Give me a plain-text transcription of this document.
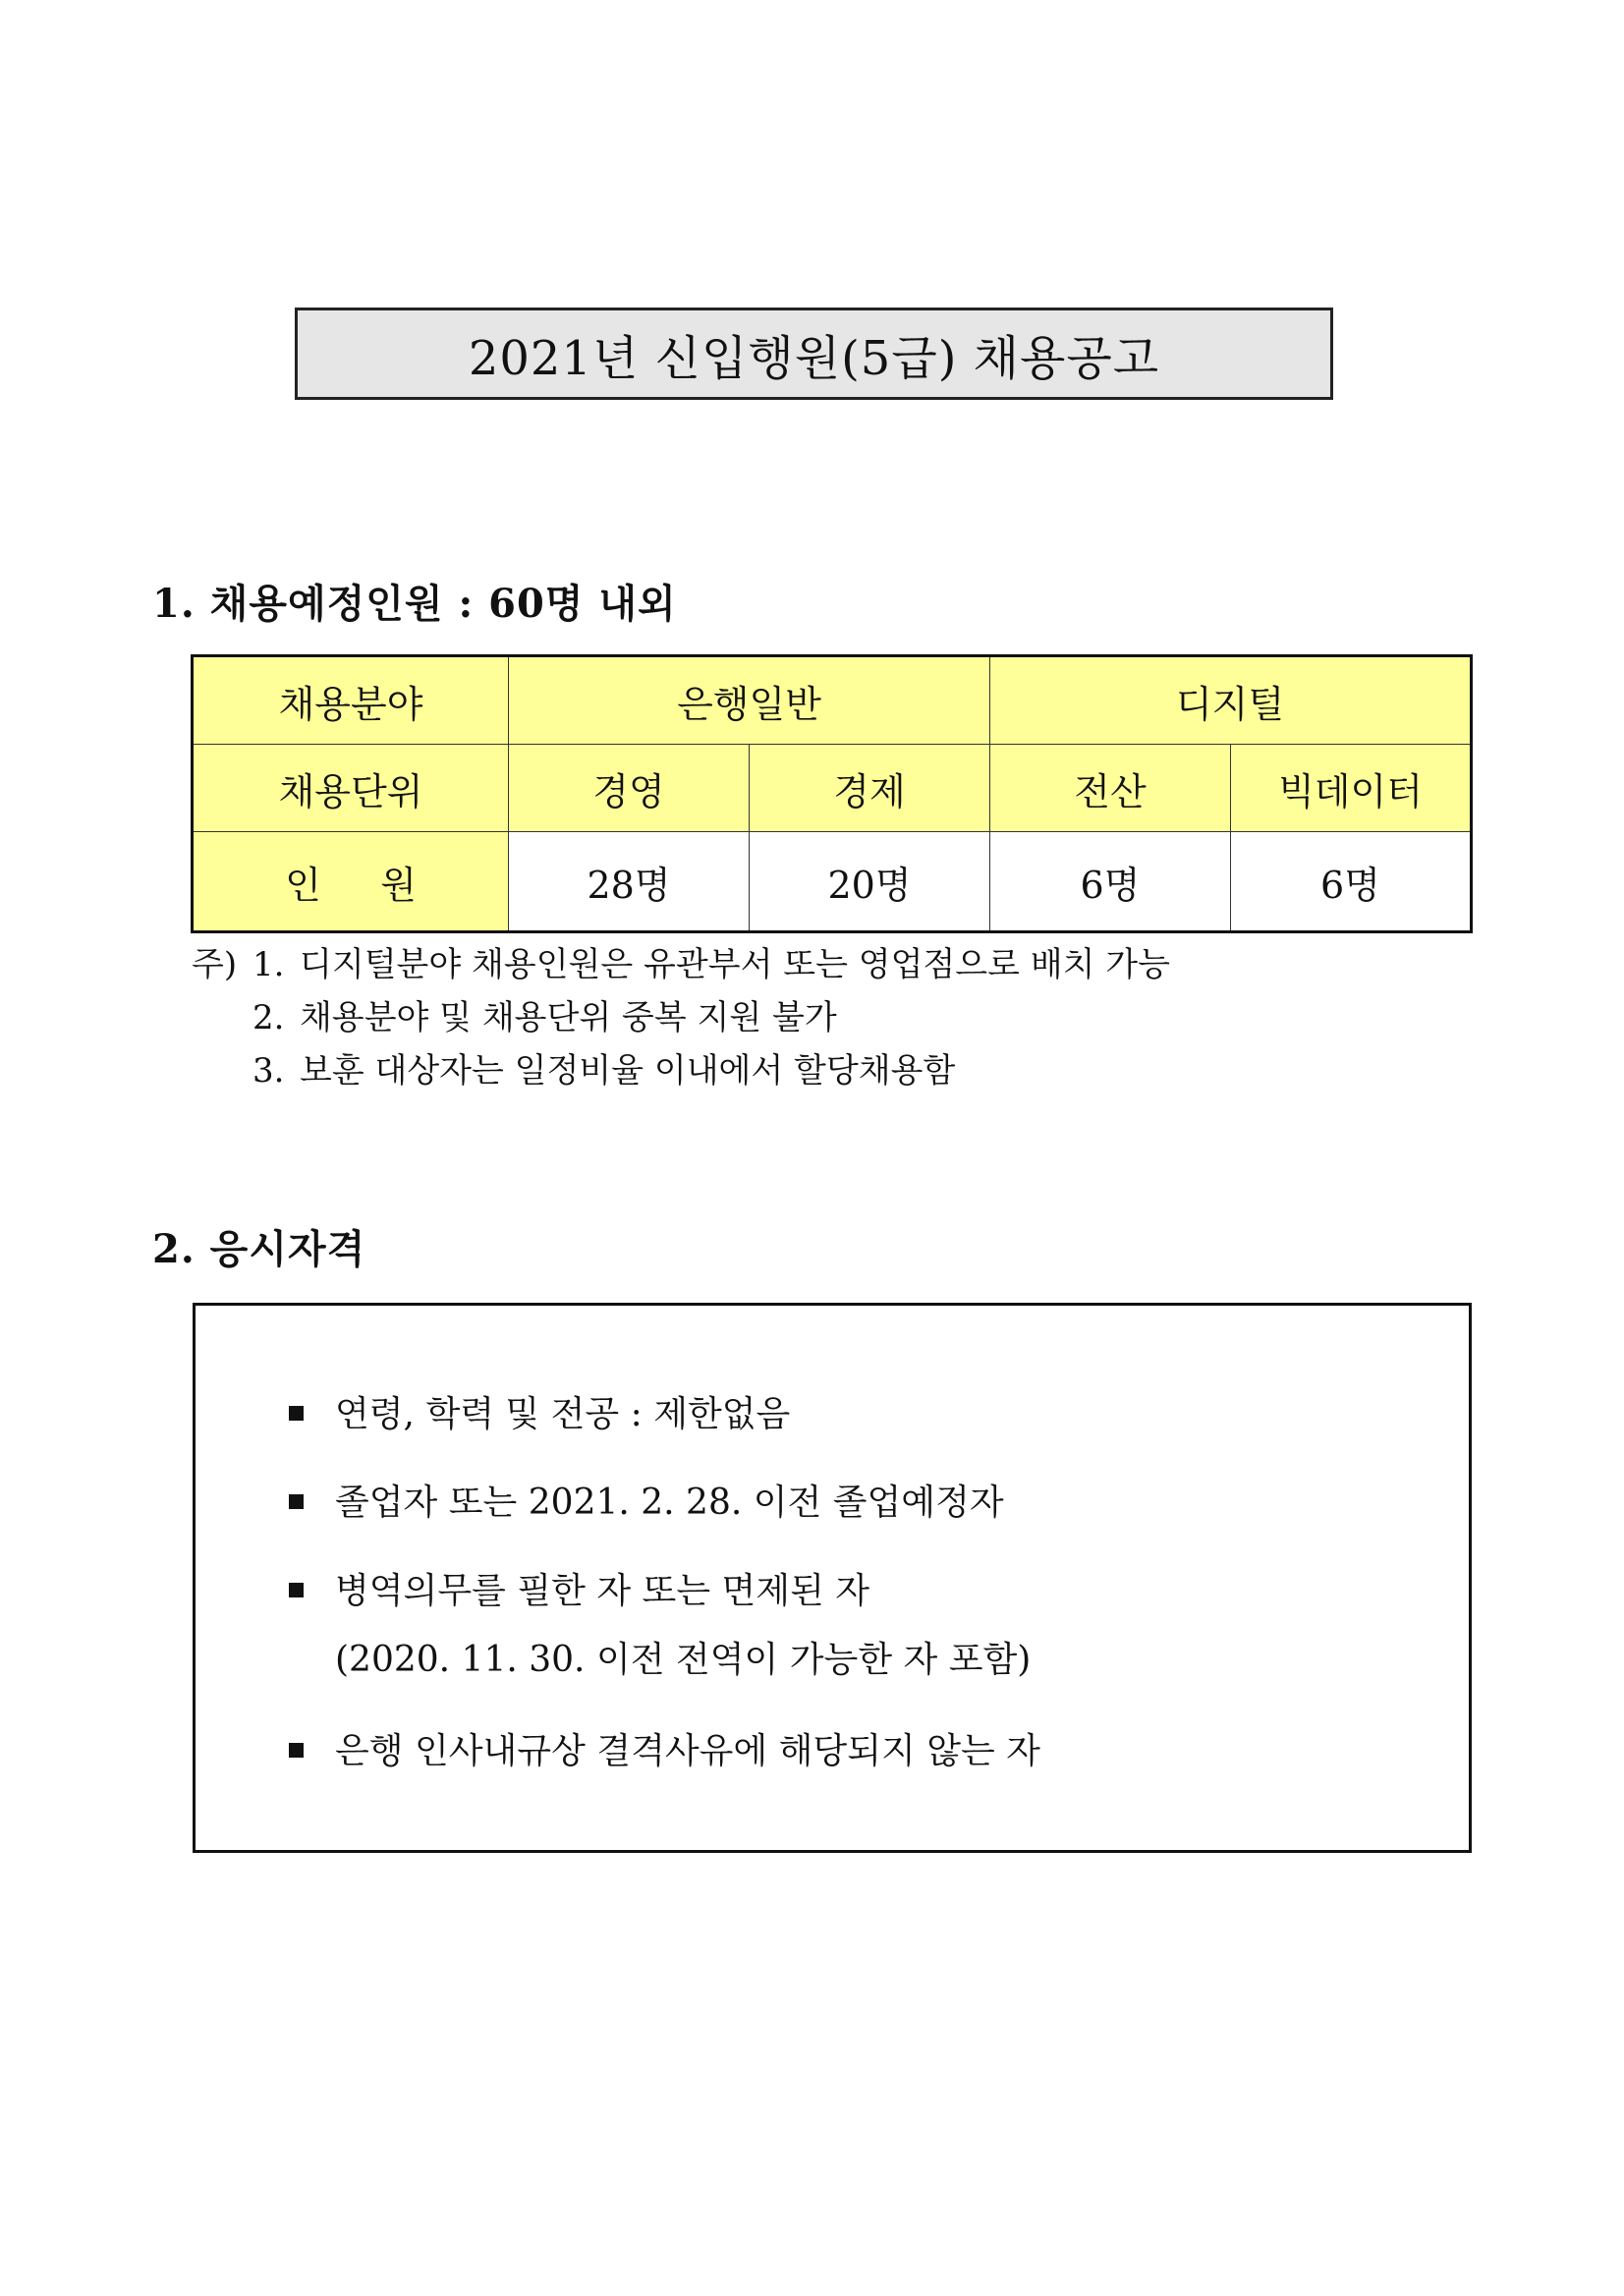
2021년 신입행원(5급) 채용공고
1. 채용예정인원 : 60명 내외
채용분야	은행일반		디지털	
채용단위	경영	경제	전산	빅데이터
인     원	28명	20명	6명	6명
주) 1. 디지털분야 채용인원은 유관부서 또는 영업점으로 배치 가능
2. 채용분야 및 채용단위 중복 지원 불가
3. 보훈 대상자는 일정비율 이내에서 할당채용함
2. 응시자격
연령, 학력 및 전공 : 제한없음
졸업자 또는 2021. 2. 28. 이전 졸업예정자
병역의무를 필한 자 또는 면제된 자
(2020. 11. 30. 이전 전역이 가능한 자 포함)
은행 인사내규상 결격사유에 해당되지 않는 자
